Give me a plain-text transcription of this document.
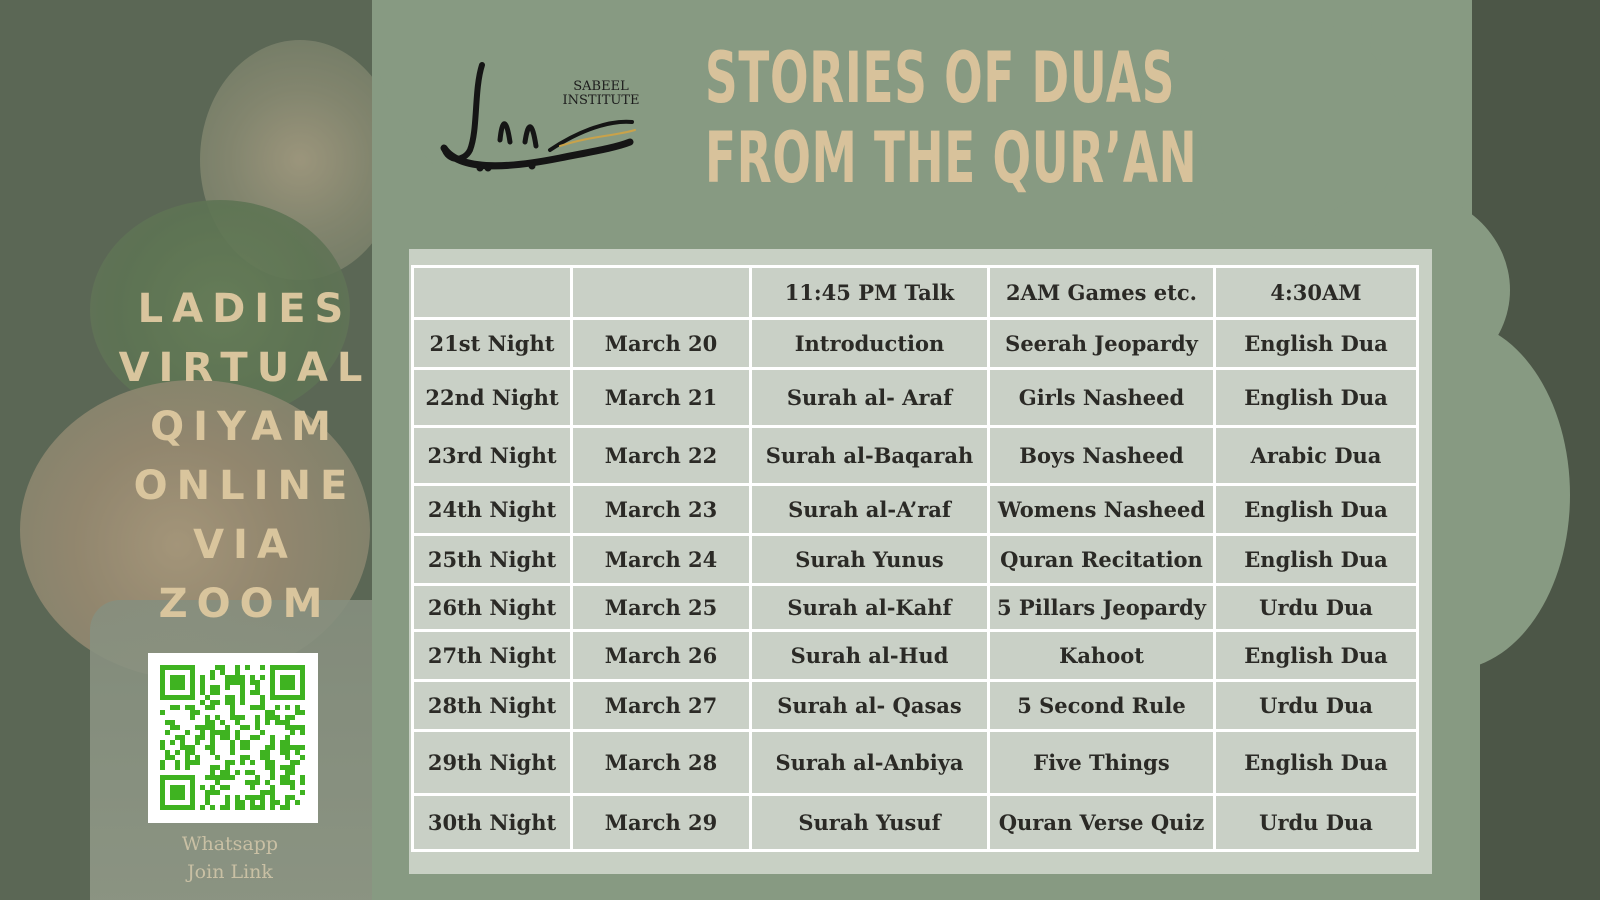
LADIES
VIRTUAL
QIYAM
ONLINE
VIA
ZOOM
Whatsapp
Join Link
SABEEL
INSTITUTE STORIES OF DUAS
FROM THE QUR’AN
		11:45 PM Talk	2AM Games etc.	4:30AM
21st Night	March 20	Introduction	Seerah Jeopardy	English Dua
22nd Night	March 21	Surah al- Araf	Girls Nasheed	English Dua
23rd Night	March 22	Surah al-Baqarah	Boys Nasheed	Arabic Dua
24th Night	March 23	Surah al-A’raf	Womens Nasheed	English Dua
25th Night	March 24	Surah Yunus	Quran Recitation	English Dua
26th Night	March 25	Surah al-Kahf	5 Pillars Jeopardy	Urdu Dua
27th Night	March 26	Surah al-Hud	Kahoot	English Dua
28th Night	March 27	Surah al- Qasas	5 Second Rule	Urdu Dua
29th Night	March 28	Surah al-Anbiya	Five Things	English Dua
30th Night	March 29	Surah Yusuf	Quran Verse Quiz	Urdu Dua
